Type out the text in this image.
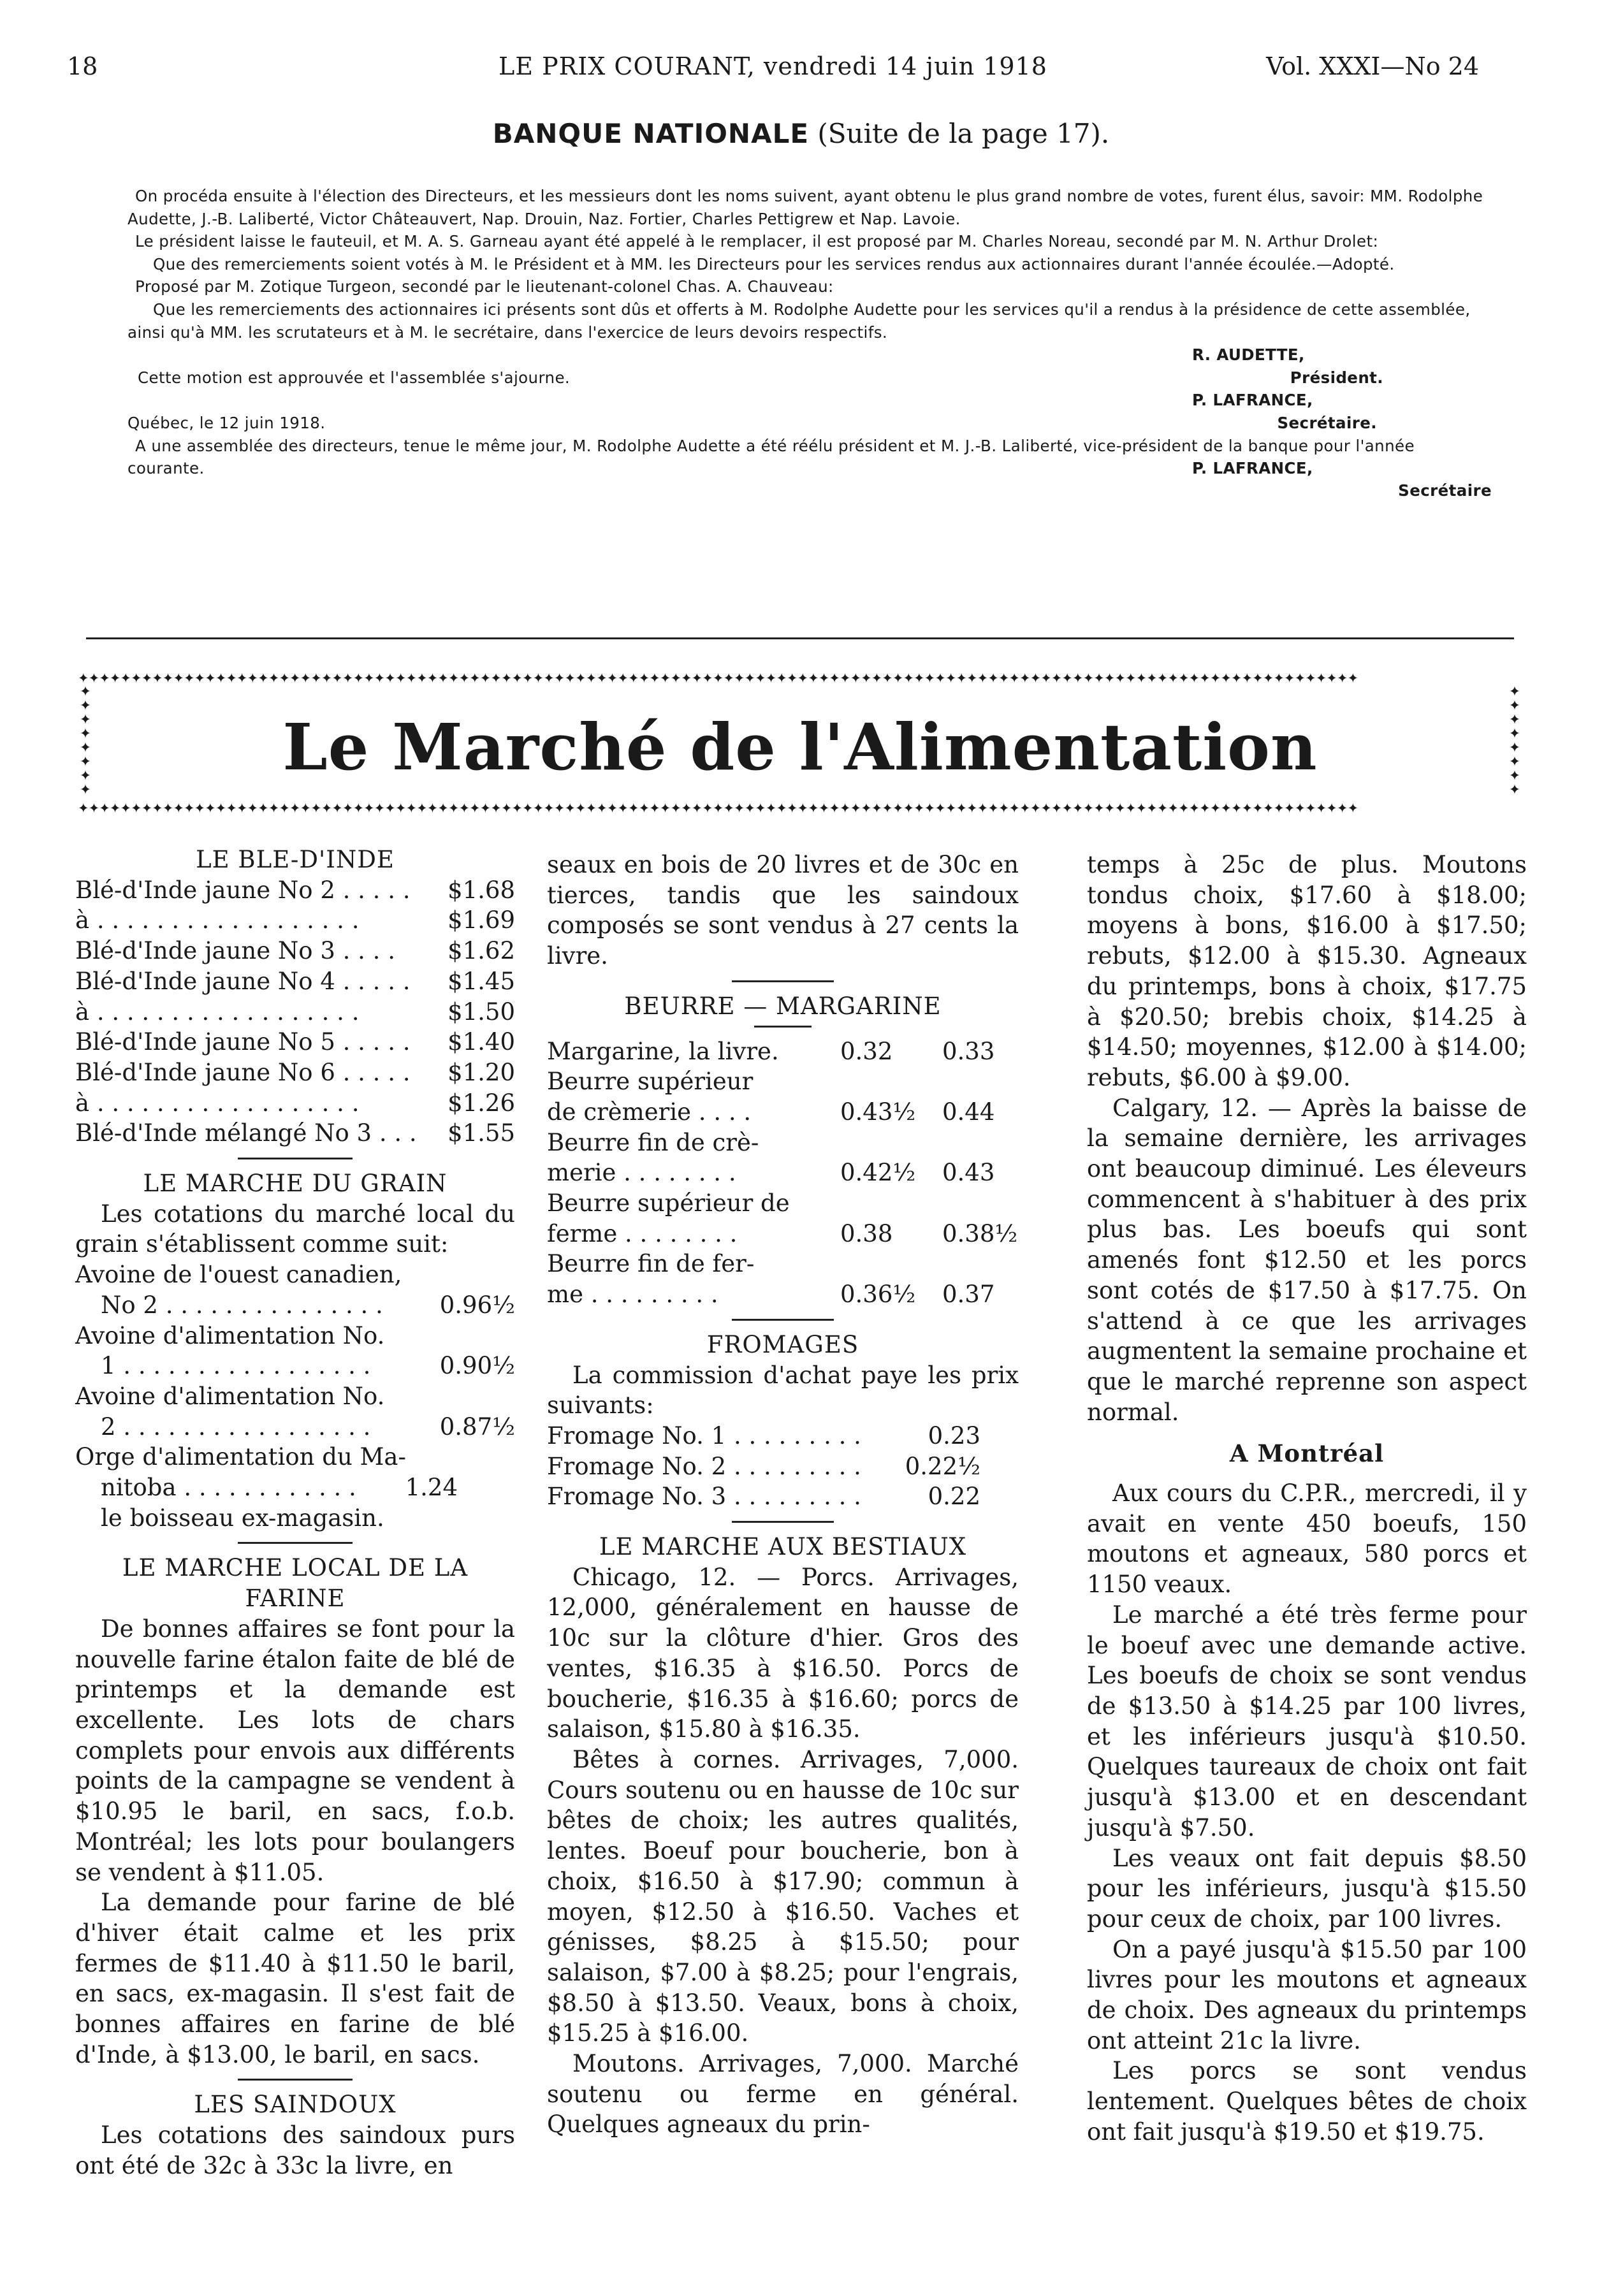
18	LE PRIX COURANT, vendredi 14 juin 1918	Vol. XXXI—No 24
BANQUE NATIONALE (Suite de la page 17).

On procéda ensuite à l'élection des Directeurs, et les messieurs dont les noms suivent, ayant obtenu le plus grand nombre de votes, furent élus, savoir: MM. Rodolphe Audette, J.-B. Laliberté, Victor Châteauvert, Nap. Drouin, Naz. Fortier, Charles Pettigrew et Nap. Lavoie.

Le président laisse le fauteuil, et M. A. S. Garneau ayant été appelé à le remplacer, il est proposé par M. Charles Noreau, secondé par M. N. Arthur Drolet:

Que des remerciements soient votés à M. le Président et à MM. les Directeurs pour les services rendus aux actionnaires durant l'année écoulée.—Adopté.

Proposé par M. Zotique Turgeon, secondé par le lieutenant-colonel Chas. A. Chauveau:

Que les remerciements des actionnaires ici présents sont dûs et offerts à M. Rodolphe Audette pour les services qu'il a rendus à la présidence de cette assemblée, ainsi qu'à MM. les scrutateurs et à M. le secrétaire, dans l'exercice de leurs devoirs respectifs.

R. AUDETTE,

Cette motion est approuvée et l'assemblée s'ajourne.	Président.

P. LAFRANCE,

Québec, le 12 juin 1918.	Secrétaire.

A une assemblée des directeurs, tenue le même jour, M. Rodolphe Audette a été réélu président et M. J.-B. Laliberté, vice-président de la banque pour l'année courante.	P. LAFRANCE,

Secrétaire

✦✦✦✦✦✦✦✦✦✦✦✦✦✦✦✦✦✦✦✦✦✦✦✦✦✦✦✦✦✦✦✦✦✦✦✦✦✦✦✦✦✦✦✦✦✦✦✦✦✦✦✦✦✦✦✦✦✦✦✦✦✦✦✦✦✦✦✦✦✦✦✦✦✦✦✦✦✦✦✦✦✦✦✦✦✦✦✦✦✦✦✦✦✦✦✦✦✦✦✦✦✦✦✦✦✦✦✦✦✦✦✦✦✦✦✦✦✦✦✦✦
✦✦✦✦✦✦✦✦✦✦✦✦✦✦✦✦✦✦✦✦✦✦✦✦✦✦✦✦✦✦✦✦✦✦✦✦✦✦✦✦✦✦✦✦✦✦✦✦✦✦✦✦✦✦✦✦✦✦✦✦✦✦✦✦✦✦✦✦✦✦✦✦✦✦✦✦✦✦✦✦✦✦✦✦✦✦✦✦✦✦✦✦✦✦✦✦✦✦✦✦✦✦✦✦✦✦✦✦✦✦✦✦✦✦✦✦✦✦✦✦✦
✦
✦
✦
✦
✦
✦
✦
✦
✦
✦
✦
✦
✦
✦
✦
✦
Le Marché de l'Alimentation

LE BLE-D'INDE

Blé-d'Inde jaune No 2 . . . . . $1.68

à . . . . . . . . . . . . . . . . . .	$1.69

Blé-d'Inde jaune No 3 . . . . $1.62

Blé-d'Inde jaune No 4 . . . . . $1.45

à . . . . . . . . . . . . . . . . . .	$1.50

Blé-d'Inde jaune No 5 . . . . . $1.40

Blé-d'Inde jaune No 6 . . . . . $1.20

à . . . . . . . . . . . . . . . . . .	$1.26

Blé-d'Inde mélangé No 3 . . . $1.55

LE MARCHE DU GRAIN

Les cotations du marché local du grain s'établissent comme suit:

Avoine de l'ouest canadien,

No 2 . . . . . . . . . . . . . . .	0.96½

Avoine d'alimentation No.

1 . . . . . . . . . . . . . . . . .	0.90½

Avoine d'alimentation No.

2 . . . . . . . . . . . . . . . . .	0.87½

Orge d'alimentation du Ma-

nitoba . . . . . . . . . . . .	1.24

le boisseau ex-magasin.

LE MARCHE LOCAL DE LA FARINE

De bonnes affaires se font pour la nouvelle farine étalon faite de blé de printemps et la demande est excellente. Les lots de chars complets pour envois aux différents points de la campagne se vendent à $10.95 le baril, en sacs, f.o.b. Montréal; les lots pour boulangers se vendent à $11.05.

La demande pour farine de blé d'hiver était calme et les prix fermes de $11.40 à $11.50 le baril, en sacs, ex-magasin. Il s'est fait de bonnes affaires en farine de blé d'Inde, à $13.00, le baril, en sacs.

LES SAINDOUX

Les cotations des saindoux purs ont été de 32c à 33c la livre, en

seaux en bois de 20 livres et de 30c en tierces, tandis que les saindoux composés se sont vendus à 27 cents la livre.

BEURRE — MARGARINE

Margarine, la livre.	0.32	0.33

Beurre supérieur

de crèmerie . . . .	0.43½	0.44

Beurre fin de crè-

merie . . . . . . . .	0.42½	0.43

Beurre supérieur de

ferme . . . . . . . .	0.38	0.38½

Beurre fin de fer-

me . . . . . . . . .	0.36½	0.37

FROMAGES

La commission d'achat paye les prix suivants:

Fromage No. 1 . . . . . . . . .	0.23

Fromage No. 2 . . . . . . . . . 0.22½

Fromage No. 3 . . . . . . . . .	0.22

LE MARCHE AUX BESTIAUX

Chicago, 12. — Porcs. Arrivages, 12,000, généralement en hausse de 10c sur la clôture d'hier. Gros des ventes, $16.35 à $16.50. Porcs de boucherie, $16.35 à $16.60; porcs de salaison, $15.80 à $16.35.

Bêtes à cornes. Arrivages, 7,000. Cours soutenu ou en hausse de 10c sur bêtes de choix; les autres qualités, lentes. Boeuf pour boucherie, bon à choix, $16.50 à $17.90; commun à moyen, $12.50 à $16.50. Vaches et génisses, $8.25 à $15.50; pour salaison, $7.00 à $8.25; pour l'engrais, $8.50 à $13.50. Veaux, bons à choix, $15.25 à $16.00.

Moutons. Arrivages, 7,000. Marché soutenu ou ferme en général. Quelques agneaux du prin-

temps à 25c de plus. Moutons tondus choix, $17.60 à $18.00; moyens à bons, $16.00 à $17.50; rebuts, $12.00 à $15.30. Agneaux du printemps, bons à choix, $17.75 à $20.50; brebis choix, $14.25 à $14.50; moyennes, $12.00 à $14.00; rebuts, $6.00 à $9.00.

Calgary, 12. — Après la baisse de la semaine dernière, les arrivages ont beaucoup diminué. Les éleveurs commencent à s'habituer à des prix plus bas. Les boeufs qui sont amenés font $12.50 et les porcs sont cotés de $17.50 à $17.75. On s'attend à ce que les arrivages augmentent la semaine prochaine et que le marché reprenne son aspect normal.

A Montréal

Aux cours du C.P.R., mercredi, il y avait en vente 450 boeufs, 150 moutons et agneaux, 580 porcs et 1150 veaux.

Le marché a été très ferme pour le boeuf avec une demande active. Les boeufs de choix se sont vendus de $13.50 à $14.25 par 100 livres, et les inférieurs jusqu'à $10.50. Quelques taureaux de choix ont fait jusqu'à $13.00 et en descendant jusqu'à $7.50.

Les veaux ont fait depuis $8.50 pour les inférieurs, jusqu'à $15.50 pour ceux de choix, par 100 livres.

On a payé jusqu'à $15.50 par 100 livres pour les moutons et agneaux de choix. Des agneaux du printemps ont atteint 21c la livre.

Les porcs se sont vendus lentement. Quelques bêtes de choix ont fait jusqu'à $19.50 et $19.75.
